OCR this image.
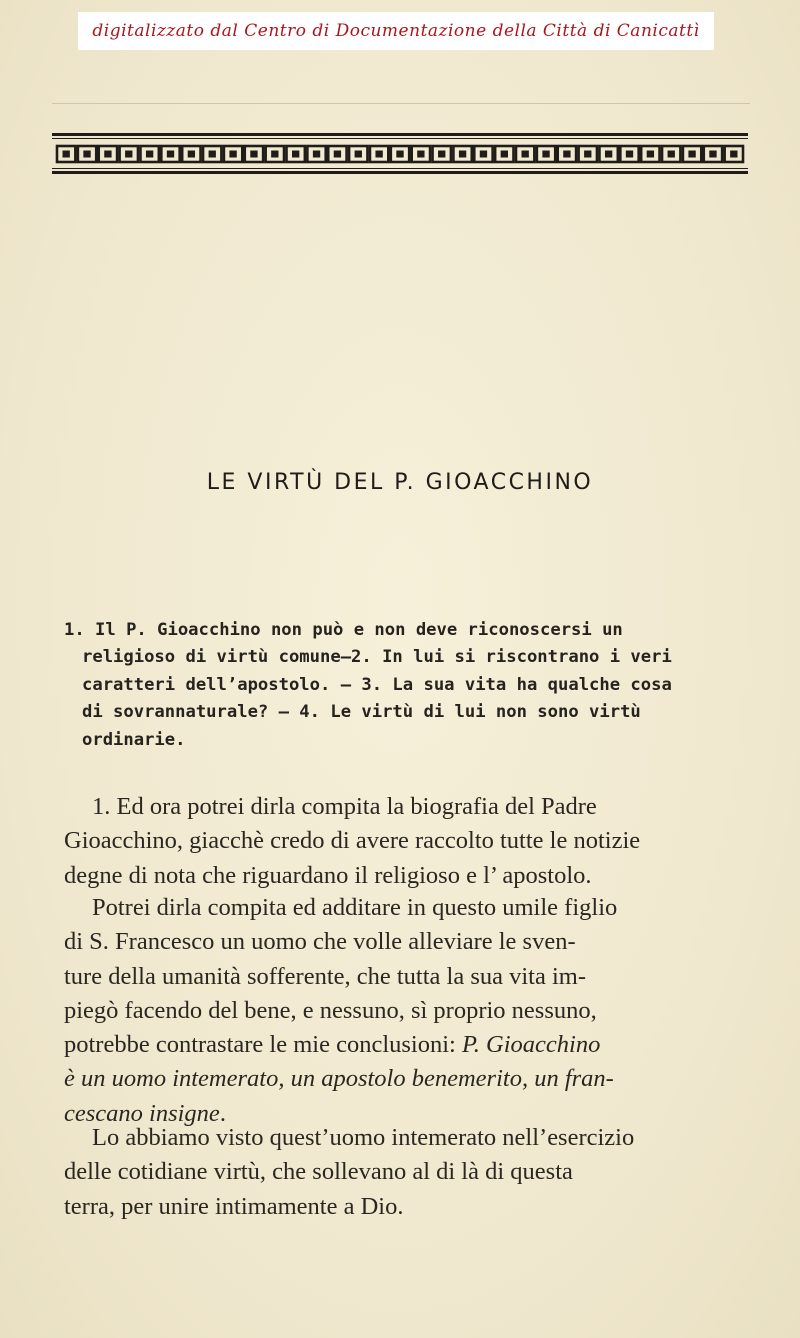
digitalizzato dal Centro di Documentazione della Città di Canicattì
LE VIRTÙ DEL P. GIOACCHINO
1. Il P. Gioacchino non può e non deve riconoscersi un
religioso di virtù comune—2. In lui si riscontrano i veri
caratteri dell’apostolo. — 3. La sua vita ha qualche cosa
di sovrannaturale? — 4. Le virtù di lui non sono virtù
ordinarie.
1. Ed ora potrei dirla compita la biografia del Padre
Gioacchino, giacchè credo di avere raccolto tutte le notizie
degne di nota che riguardano il religioso e l’ apostolo.
Potrei dirla compita ed additare in questo umile figlio
di S. Francesco un uomo che volle alleviare le sven-
ture della umanità sofferente, che tutta la sua vita im-
piegò facendo del bene, e nessuno, sì proprio nessuno,
potrebbe contrastare le mie conclusioni: P. Gioacchino
è un uomo intemerato, un apostolo benemerito, un fran-
cescano insigne.
Lo abbiamo visto quest’uomo intemerato nell’esercizio
delle cotidiane virtù, che sollevano al di là di questa
terra, per unire intimamente a Dio.
